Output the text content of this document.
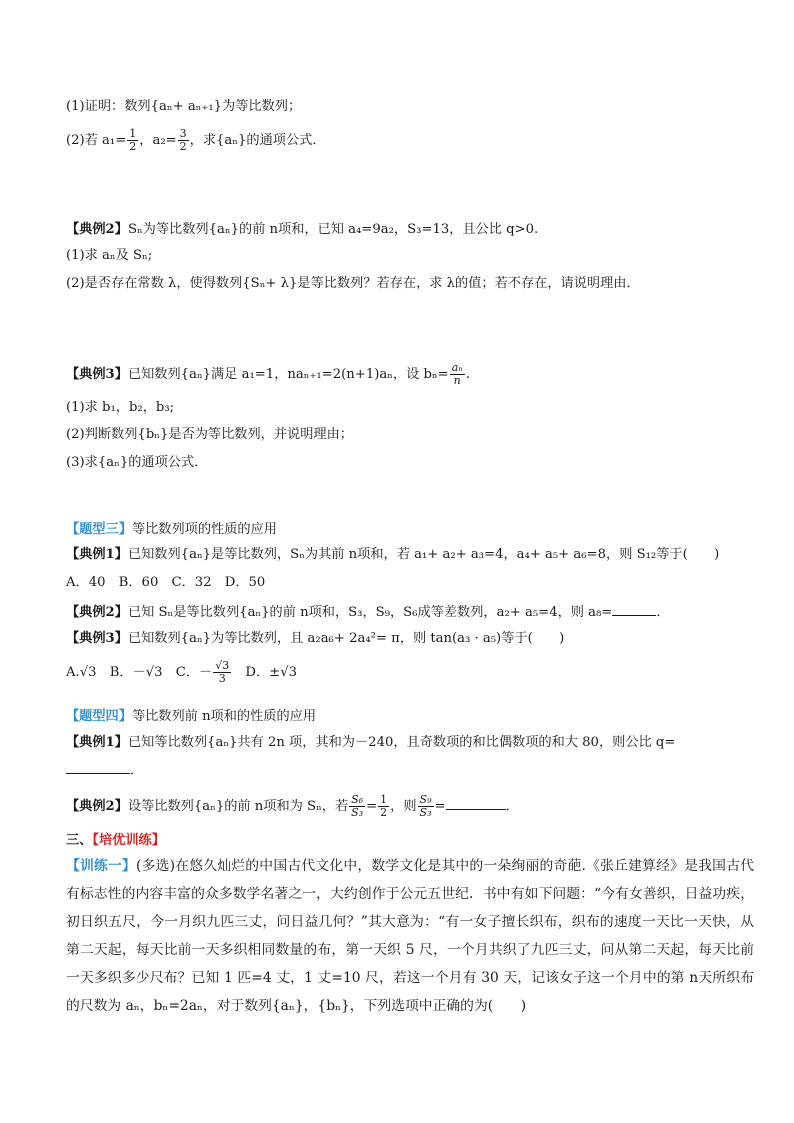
(1)证明：数列{aₙ+ aₙ₊₁}为等比数列；

(2)若 $a_1= \frac{1}{2}$ ，$a_2= \frac{3}{2}$ ，求{aₙ}的通项公式．

【典例2】Sₙ为等比数列{aₙ}的前 n项和，已知 a₄=9a₂，S₃=13，且公比 q>0.

(1)求 aₙ及 Sₙ;

(2)是否存在常数 λ，使得数列{Sₙ+ λ}是等比数列？若存在，求 λ的值；若不存在，请说明理由．

【典例3】已知数列{aₙ}满足 a₁=1，naₙ₊₁=2(n+1)aₙ，设 $b_n= \frac{\text{aₙ}}{n}$ .

(1)求 b₁，b₂，b₃;

(2)判断数列{bₙ}是否为等比数列，并说明理由；

(3)求{aₙ}的通项公式．

【题型三】等比数列项的性质的应用

【典例1】已知数列{aₙ}是等比数列，Sₙ为其前 n项和，若 a₁+ a₂+ a₃=4，a₄+ a₅+ a₆=8，则 S₁₂等于(　　)

A．40　B．60　C．32　D．50

【典例2】已知 Sₙ是等比数列{aₙ}的前 n项和，S₃，S₉，S₆成等差数列，a₂+ a₅=4，则 a₈=	．

【典例3】已知数列{aₙ}为等比数列，且 a₂a₆+ 2a₄²= π，则 tan(a₃ · a₅)等于(　　)

A.√3　B．－√3　C．－ $\frac{√3}{3}$ 　D．±√3

【题型四】等比数列前 n项和的性质的应用

【典例1】已知等比数列{aₙ}共有 2n 项，其和为－240，且奇数项的和比偶数项的和大 80，则公比 q=

．

【典例2】设等比数列{aₙ}的前 n项和为 Sₙ，若 $\frac{\text{S₆}}{\text{S₃}} = \frac{1}{2}$ ，则 $\frac{\text{S₉}}{\text{S₃}}$ =	．

三、【培优训练】

【训练一】(多选)在悠久灿烂的中国古代文化中，数学文化是其中的一朵绚丽的奇葩.《张丘建算经》是我国古代有标志性的内容丰富的众多数学名著之一，大约创作于公元五世纪．书中有如下问题：“今有女善织，日益功疾，初日织五尺，今一月织九匹三丈，问日益几何？”其大意为：“有一女子擅长织布，织布的速度一天比一天快，从第二天起，每天比前一天多织相同数量的布，第一天织 5 尺，一个月共织了九匹三丈，问从第二天起，每天比前一天多织多少尺布？已知 1 匹=4 丈，1 丈=10 尺，若这一个月有 30 天，记该女子这一个月中的第 n天所织布的尺数为 aₙ，bₙ=2aₙ，对于数列{aₙ}，{bₙ}，下列选项中正确的为(　　)
